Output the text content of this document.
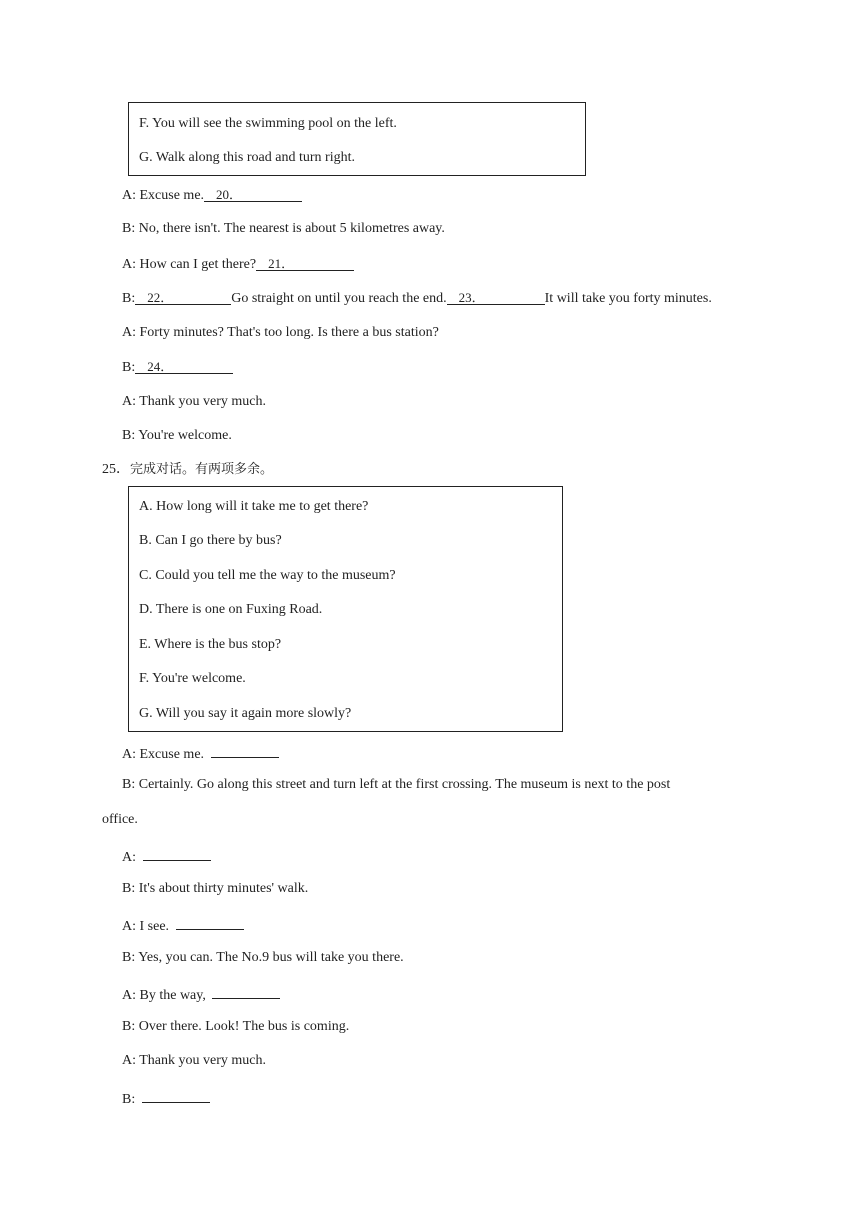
F. You will see the swimming pool on the left.
G. Walk along this road and turn right.
A: Excuse me. 20．
B: No, there isn't. The nearest is about 5 kilometres away.
A: How can I get there? 21．
B: 22．	Go straight on until you reach the end. 23．	It will take you forty minutes.
A: Forty minutes? That's too long. Is there a bus station?
B: 24．
A: Thank you very much.
B: You're welcome.
25．完成对话。有两项多余。
A. How long will it take me to get there?
B. Can I go there by bus?
C. Could you tell me the way to the museum?
D. There is one on Fuxing Road.
E. Where is the bus stop?
F. You're welcome.
G. Will you say it again more slowly?
A: Excuse me.
B: Certainly. Go along this street and turn left at the first crossing. The museum is next to the post
office.
A:
B: It's about thirty minutes' walk.
A: I see.
B: Yes, you can. The No.9 bus will take you there.
A: By the way,
B: Over there. Look! The bus is coming.
A: Thank you very much.
B:
